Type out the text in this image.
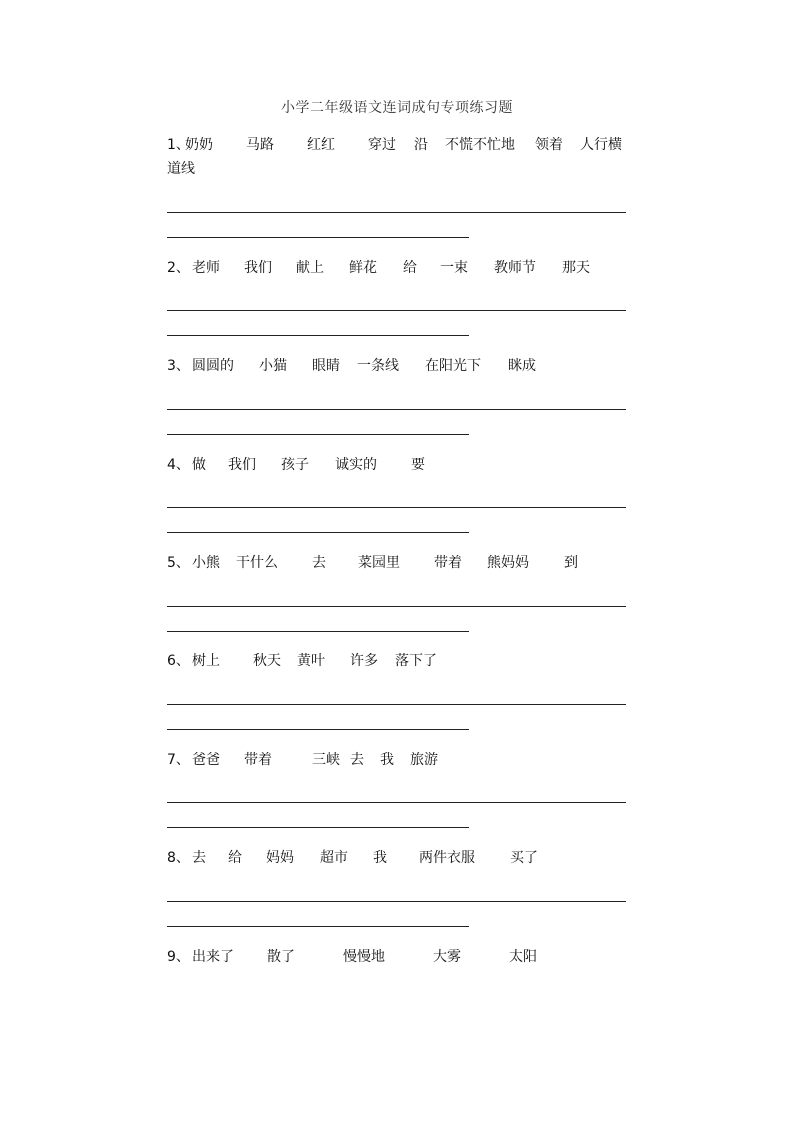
小学二年级语文连词成句专项练习题
1、
奶奶 马路 红红 穿过 沿 不慌不忙地 领着 人行横
道线
2、 老师 我们 献上 鲜花 给 一束 教师节 那天
3、 圆圆的 小猫 眼睛 一条线 在阳光下 眯成
4、 做 我们 孩子 诚实的 要
5、 小熊 干什么 去 菜园里 带着 熊妈妈	到
6、 树上 秋天 黄叶 许多 落下了
7、 爸爸 带着	三峡 去 我 旅游
8、 去 给 妈妈 超市 我 两件衣服	买了
9、 出来了 散了	慢慢地	大雾	太阳
